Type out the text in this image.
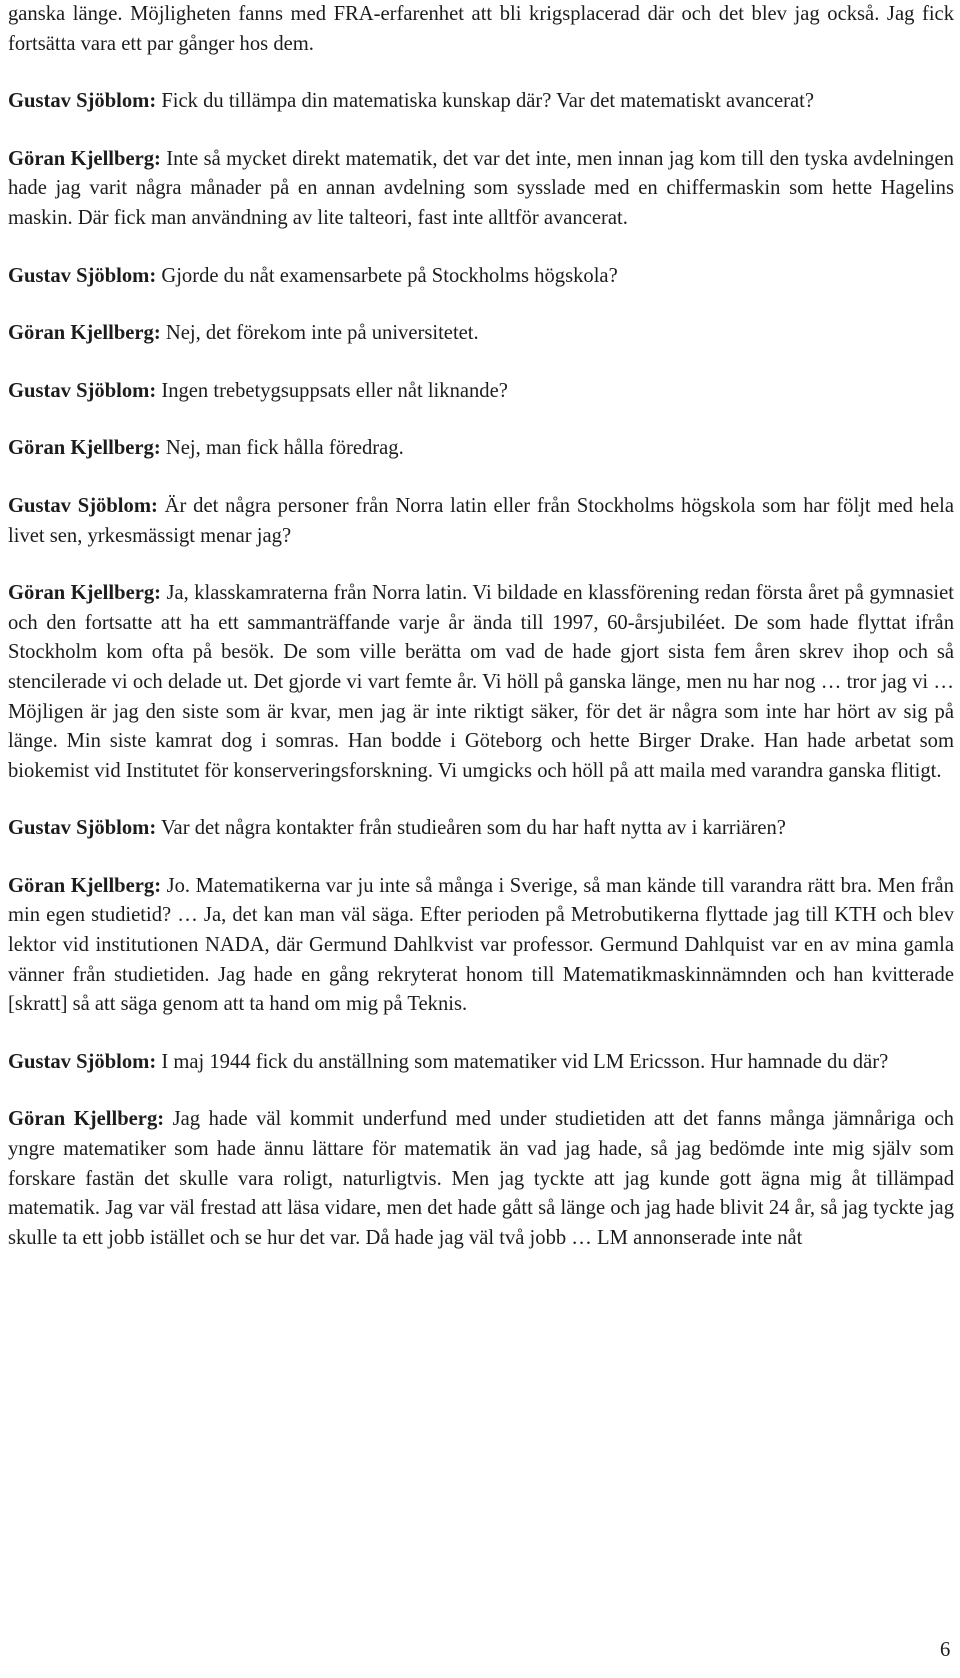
ganska länge. Möjligheten fanns med FRA-erfarenhet att bli krigsplacerad där och det blev jag också. Jag fick fortsätta vara ett par gånger hos dem.

Gustav Sjöblom: Fick du tillämpa din matematiska kunskap där? Var det matematiskt avancerat?

Göran Kjellberg: Inte så mycket direkt matematik, det var det inte, men innan jag kom till den tyska avdelningen hade jag varit några månader på en annan avdelning som sysslade med en chiffermaskin som hette Hagelins maskin. Där fick man användning av lite talteori, fast inte alltför avancerat.

Gustav Sjöblom: Gjorde du nåt examensarbete på Stockholms högskola?

Göran Kjellberg: Nej, det förekom inte på universitetet.

Gustav Sjöblom: Ingen trebetygsuppsats eller nåt liknande?

Göran Kjellberg: Nej, man fick hålla föredrag.

Gustav Sjöblom: Är det några personer från Norra latin eller från Stockholms högskola som har följt med hela livet sen, yrkesmässigt menar jag?

Göran Kjellberg: Ja, klasskamraterna från Norra latin. Vi bildade en klassförening redan första året på gymnasiet och den fortsatte att ha ett sammanträffande varje år ända till 1997, 60-årsjubiléet. De som hade flyttat ifrån Stockholm kom ofta på besök. De som ville berätta om vad de hade gjort sista fem åren skrev ihop och så stencilerade vi och delade ut. Det gjorde vi vart femte år. Vi höll på ganska länge, men nu har nog … tror jag vi … Möjligen är jag den siste som är kvar, men jag är inte riktigt säker, för det är några som inte har hört av sig på länge. Min siste kamrat dog i somras. Han bodde i Göteborg och hette Birger Drake. Han hade arbetat som biokemist vid Institutet för konserveringsforskning. Vi umgicks och höll på att maila med varandra ganska flitigt.

Gustav Sjöblom: Var det några kontakter från studieåren som du har haft nytta av i karriären?

Göran Kjellberg: Jo. Matematikerna var ju inte så många i Sverige, så man kände till varandra rätt bra. Men från min egen studietid? … Ja, det kan man väl säga. Efter perioden på Metrobutikerna flyttade jag till KTH och blev lektor vid institutionen NADA, där Germund Dahlkvist var professor. Germund Dahlquist var en av mina gamla vänner från studietiden. Jag hade en gång rekryterat honom till Matematikmaskinnämnden och han kvitterade [skratt] så att säga genom att ta hand om mig på Teknis.

Gustav Sjöblom: I maj 1944 fick du anställning som matematiker vid LM Ericsson. Hur hamnade du där?

Göran Kjellberg: Jag hade väl kommit underfund med under studietiden att det fanns många jämnåriga och yngre matematiker som hade ännu lättare för matematik än vad jag hade, så jag bedömde inte mig själv som forskare fastän det skulle vara roligt, naturligtvis. Men jag tyckte att jag kunde gott ägna mig åt tillämpad matematik. Jag var väl frestad att läsa vidare, men det hade gått så länge och jag hade blivit 24 år, så jag tyckte jag skulle ta ett jobb istället och se hur det var. Då hade jag väl två jobb … LM annonserade inte nåt

6
